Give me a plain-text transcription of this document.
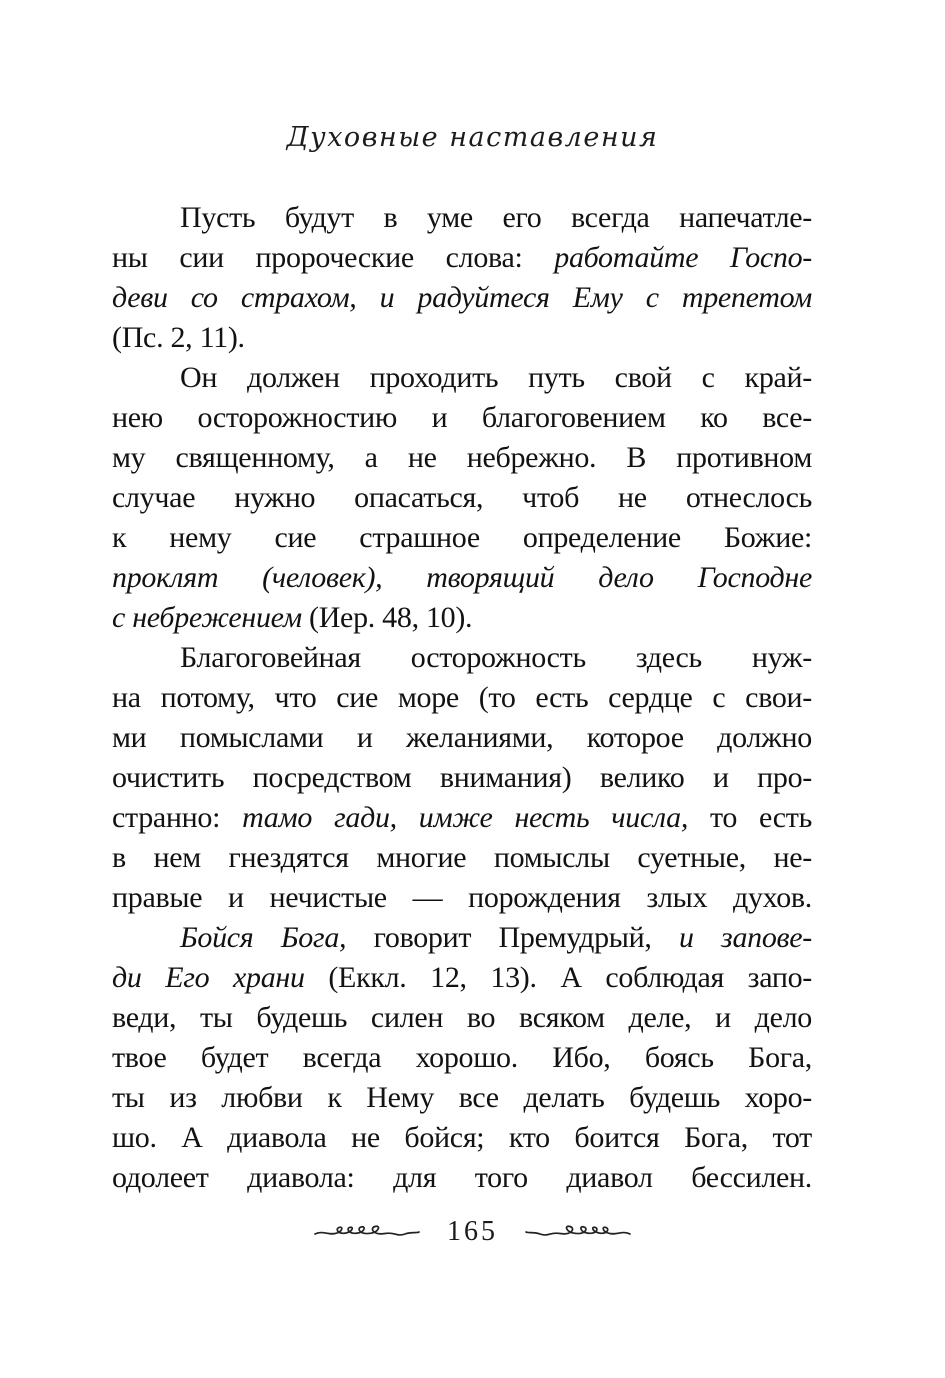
Духовные наставления
Пусть будут в уме его всегда напечатле-
ны сии пророческие слова: работайте Госпо-
деви со страхом, и радуйтеся Ему с трепетом
(Пс. 2, 11).
Он должен проходить путь свой с край-
нею осторожностию и благоговением ко все-
му священному, а не небрежно. В противном
случае нужно опасаться, чтоб не отнеслось
к нему сие страшное определение Божие:
проклят (человек), творящий дело Господне
с небрежением (Иер. 48, 10).
Благоговейная осторожность здесь нуж-
на потому, что сие море (то есть сердце с свои-
ми помыслами и желаниями, которое должно
очистить посредством внимания) велико и про-
странно: тамо гади, имже несть числа, то есть
в нем гнездятся многие помыслы суетные, не-
правые и нечистые — порождения злых духов.
Бойся Бога, говорит Премудрый, и запове-
ди Его храни (Еккл. 12, 13). А соблюдая запо-
веди, ты будешь силен во всяком деле, и дело
твое будет всегда хорошо. Ибо, боясь Бога,
ты из любви к Нему все делать будешь хоро-
шо. А диавола не бойся; кто боится Бога, тот
одолеет диавола: для того диавол бессилен.
165
